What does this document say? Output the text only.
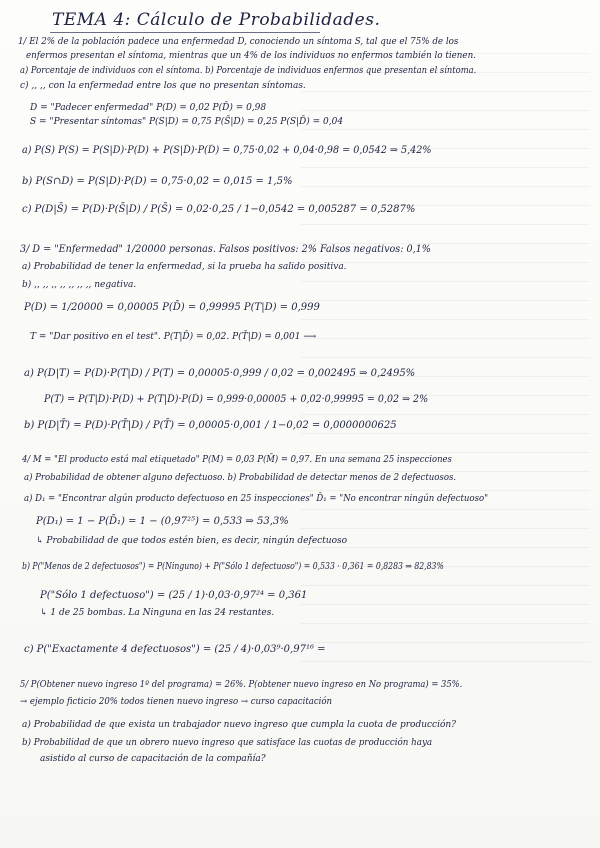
TEMA 4: Cálculo de Probabilidades.
1/ El 2% de la población padece una enfermedad D, conociendo un síntoma S, tal que el 75% de los
enfermos presentan el síntoma, mientras que un 4% de los individuos no enfermos también lo tienen.
a) Porcentaje de individuos con el síntoma. b) Porcentaje de individuos enfermos que presentan el síntoma.
c) ,, ,, con la enfermedad entre los que no presentan síntomas.
D = "Padecer enfermedad" P(D) = 0,02 P(D̄) = 0,98
S = "Presentar síntomas" P(S|D) = 0,75 P(S̄|D) = 0,25 P(S|D̄) = 0,04
a) P(S) P(S) = P(S|D)·P(D) + P(S|D̄)·P(D̄) = 0,75·0,02 + 0,04·0,98 = 0,0542 ⇒ 5,42%
b) P(S∩D) = P(S|D)·P(D) = 0,75·0,02 = 0,015 = 1,5%
c) P(D|S̄) = P(D)·P(S̄|D) / P(S̄) = 0,02·0,25 / 1−0,0542 = 0,005287 = 0,5287%
3/ D = "Enfermedad" 1/20000 personas. Falsos positivos: 2% Falsos negativos: 0,1%
a) Probabilidad de tener la enfermedad, si la prueba ha salido positiva.
b) ,, ,, ,, ,, ,, ,, ,, negativa.
P(D) = 1/20000 = 0,00005 P(D̄) = 0,99995 P(T|D) = 0,999
T = "Dar positivo en el test". P(T|D̄) = 0,02. P(T̄|D) = 0,001 ⟶
a) P(D|T) = P(D)·P(T|D) / P(T) = 0,00005·0,999 / 0,02 = 0,002495 ⇒ 0,2495%
P(T) = P(T|D)·P(D) + P(T|D̄)·P(D̄) = 0,999·0,00005 + 0,02·0,99995 = 0,02 ⇒ 2%
b) P(D|T̄) = P(D)·P(T̄|D) / P(T̄) = 0,00005·0,001 / 1−0,02 = 0,0000000625
4/ M = "El producto está mal etiquetado" P(M) = 0,03 P(M̄) = 0,97. En una semana 25 inspecciones
a) Probabilidad de obtener alguno defectuoso. b) Probabilidad de detectar menos de 2 defectuosos.
a) D₁ = "Encontrar algún producto defectuoso en 25 inspecciones" D̄₁ = "No encontrar ningún defectuoso"
P(D₁) = 1 − P(D̄₁) = 1 − (0,97²⁵) = 0,533 ⇒ 53,3%
↳ Probabilidad de que todos estén bien, es decir, ningún defectuoso
b) P("Menos de 2 defectuosos") = P(Ninguno) + P("Sólo 1 defectuoso") = 0,533 · 0,361 = 0,8283 ⇒ 82,83%
P("Sólo 1 defectuoso") = (25 / 1)·0,03·0,97²⁴ = 0,361
↳ 1 de 25 bombas. La Ninguna en las 24 restantes.
c) P("Exactamente 4 defectuosos") = (25 / 4)·0,03⁹·0,97¹⁶ =
5/ P(Obtener nuevo ingreso 1º del programa) = 26%. P(obtener nuevo ingreso en No programa) = 35%.
→ ejemplo ficticio 20% todos tienen nuevo ingreso → curso capacitación
a) Probabilidad de que exista un trabajador nuevo ingreso que cumpla la cuota de producción?
b) Probabilidad de que un obrero nuevo ingreso que satisface las cuotas de producción haya
asistido al curso de capacitación de la compañía?
